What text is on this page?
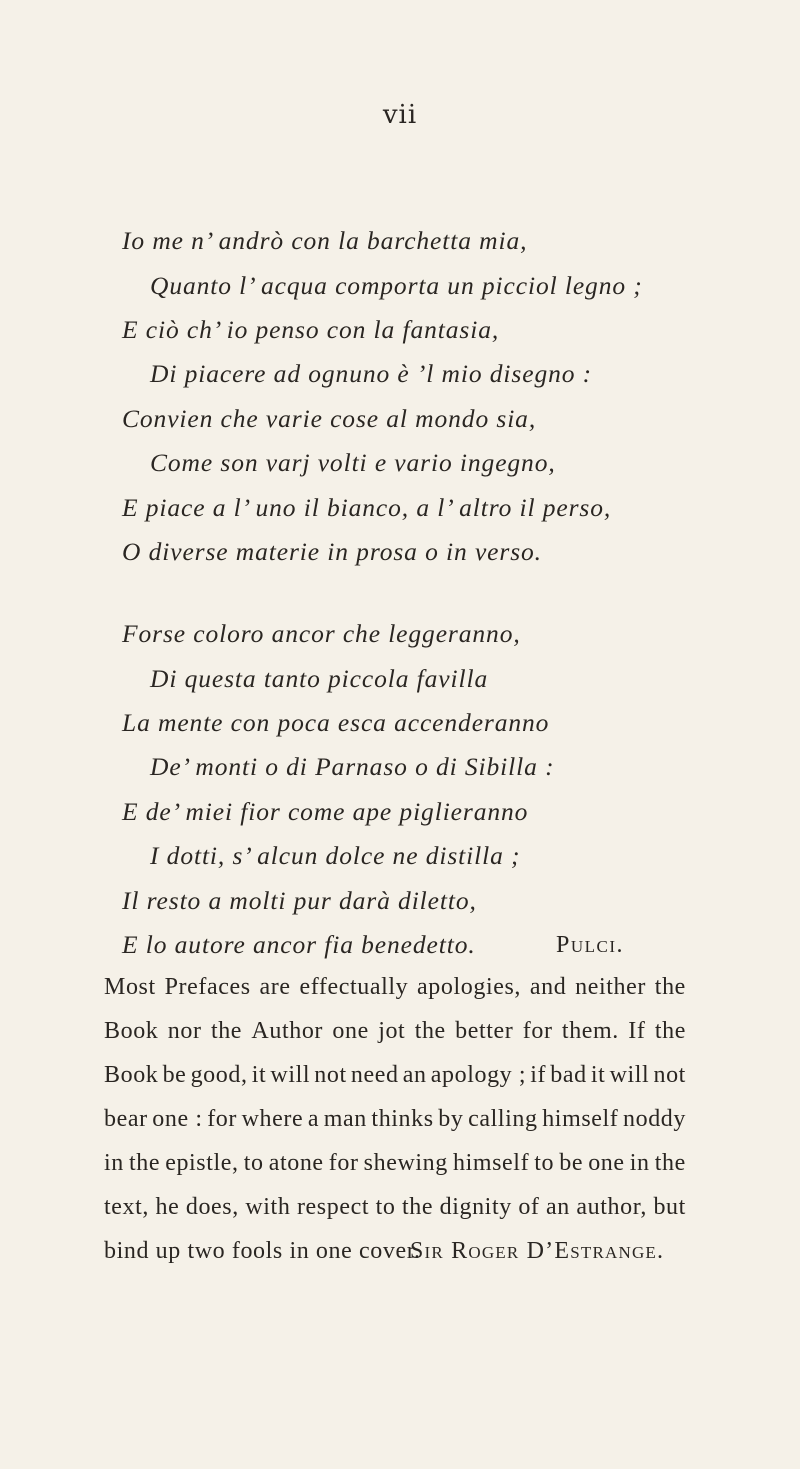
vii
Io me n’ andrò con la barchetta mia,
Quanto l’ acqua comporta un picciol legno ;
E ciò ch’ io penso con la fantasia,
Di piacere ad ognuno è ’l mio disegno :
Convien che varie cose al mondo sia,
Come son varj volti e vario ingegno,
E piace a l’ uno il bianco, a l’ altro il perso,
O diverse materie in prosa o in verso.
Forse coloro ancor che leggeranno,
Di questa tanto piccola favilla
La mente con poca esca accenderanno
De’ monti o di Parnaso o di Sibilla :
E de’ miei fior come ape piglieranno
I dotti, s’ alcun dolce ne distilla ;
Il resto a molti pur darà diletto,
E lo autore ancor fia benedetto.	Pulci.
Most Prefaces are effectually apologies, and neither the
Book nor the Author one jot the better for them. If the
Book be good, it will not need an apology ; if bad it will not
bear one : for where a man thinks by calling himself noddy
in the epistle, to atone for shewing himself to be one in the
text, he does, with respect to the dignity of an author, but
bind up two fools in one cover.
Sir Roger D’Estrange.
